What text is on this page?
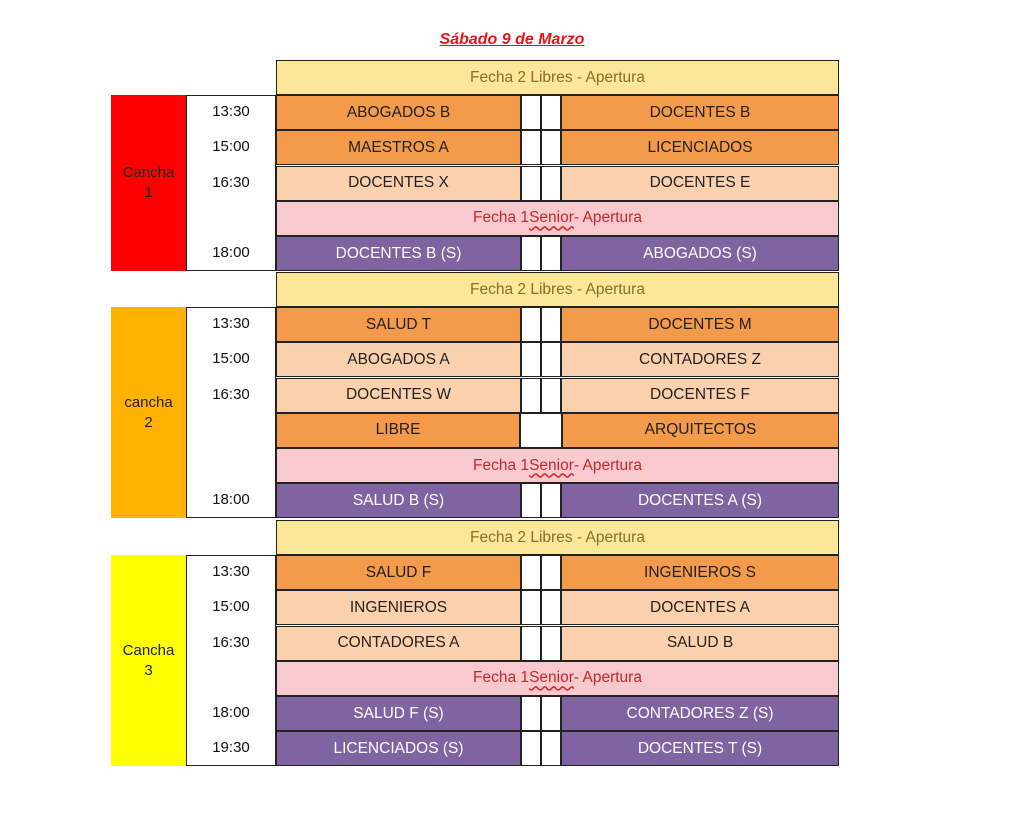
Sábado 9 de Marzo
Cancha
1
Fecha 2 Libres - Apertura
13:30	ABOGADOS B	DOCENTES B
15:00	MAESTROS A	LICENCIADOS
16:30	DOCENTES X	DOCENTES E
Fecha 1 Senior - Apertura
18:00	DOCENTES B (S)	ABOGADOS (S)
cancha
2
Fecha 2 Libres - Apertura
13:30	SALUD T	DOCENTES M
15:00	ABOGADOS A	CONTADORES Z
16:30	DOCENTES W	DOCENTES F
LIBRE	ARQUITECTOS
Fecha 1 Senior - Apertura
18:00	SALUD B (S)	DOCENTES A (S)
Cancha
3
Fecha 2 Libres - Apertura
13:30	SALUD F	INGENIEROS S
15:00	INGENIEROS	DOCENTES A
16:30	CONTADORES A	SALUD B
Fecha 1 Senior - Apertura
18:00	SALUD F (S)	CONTADORES Z (S)
19:30	LICENCIADOS (S)	DOCENTES T (S)
